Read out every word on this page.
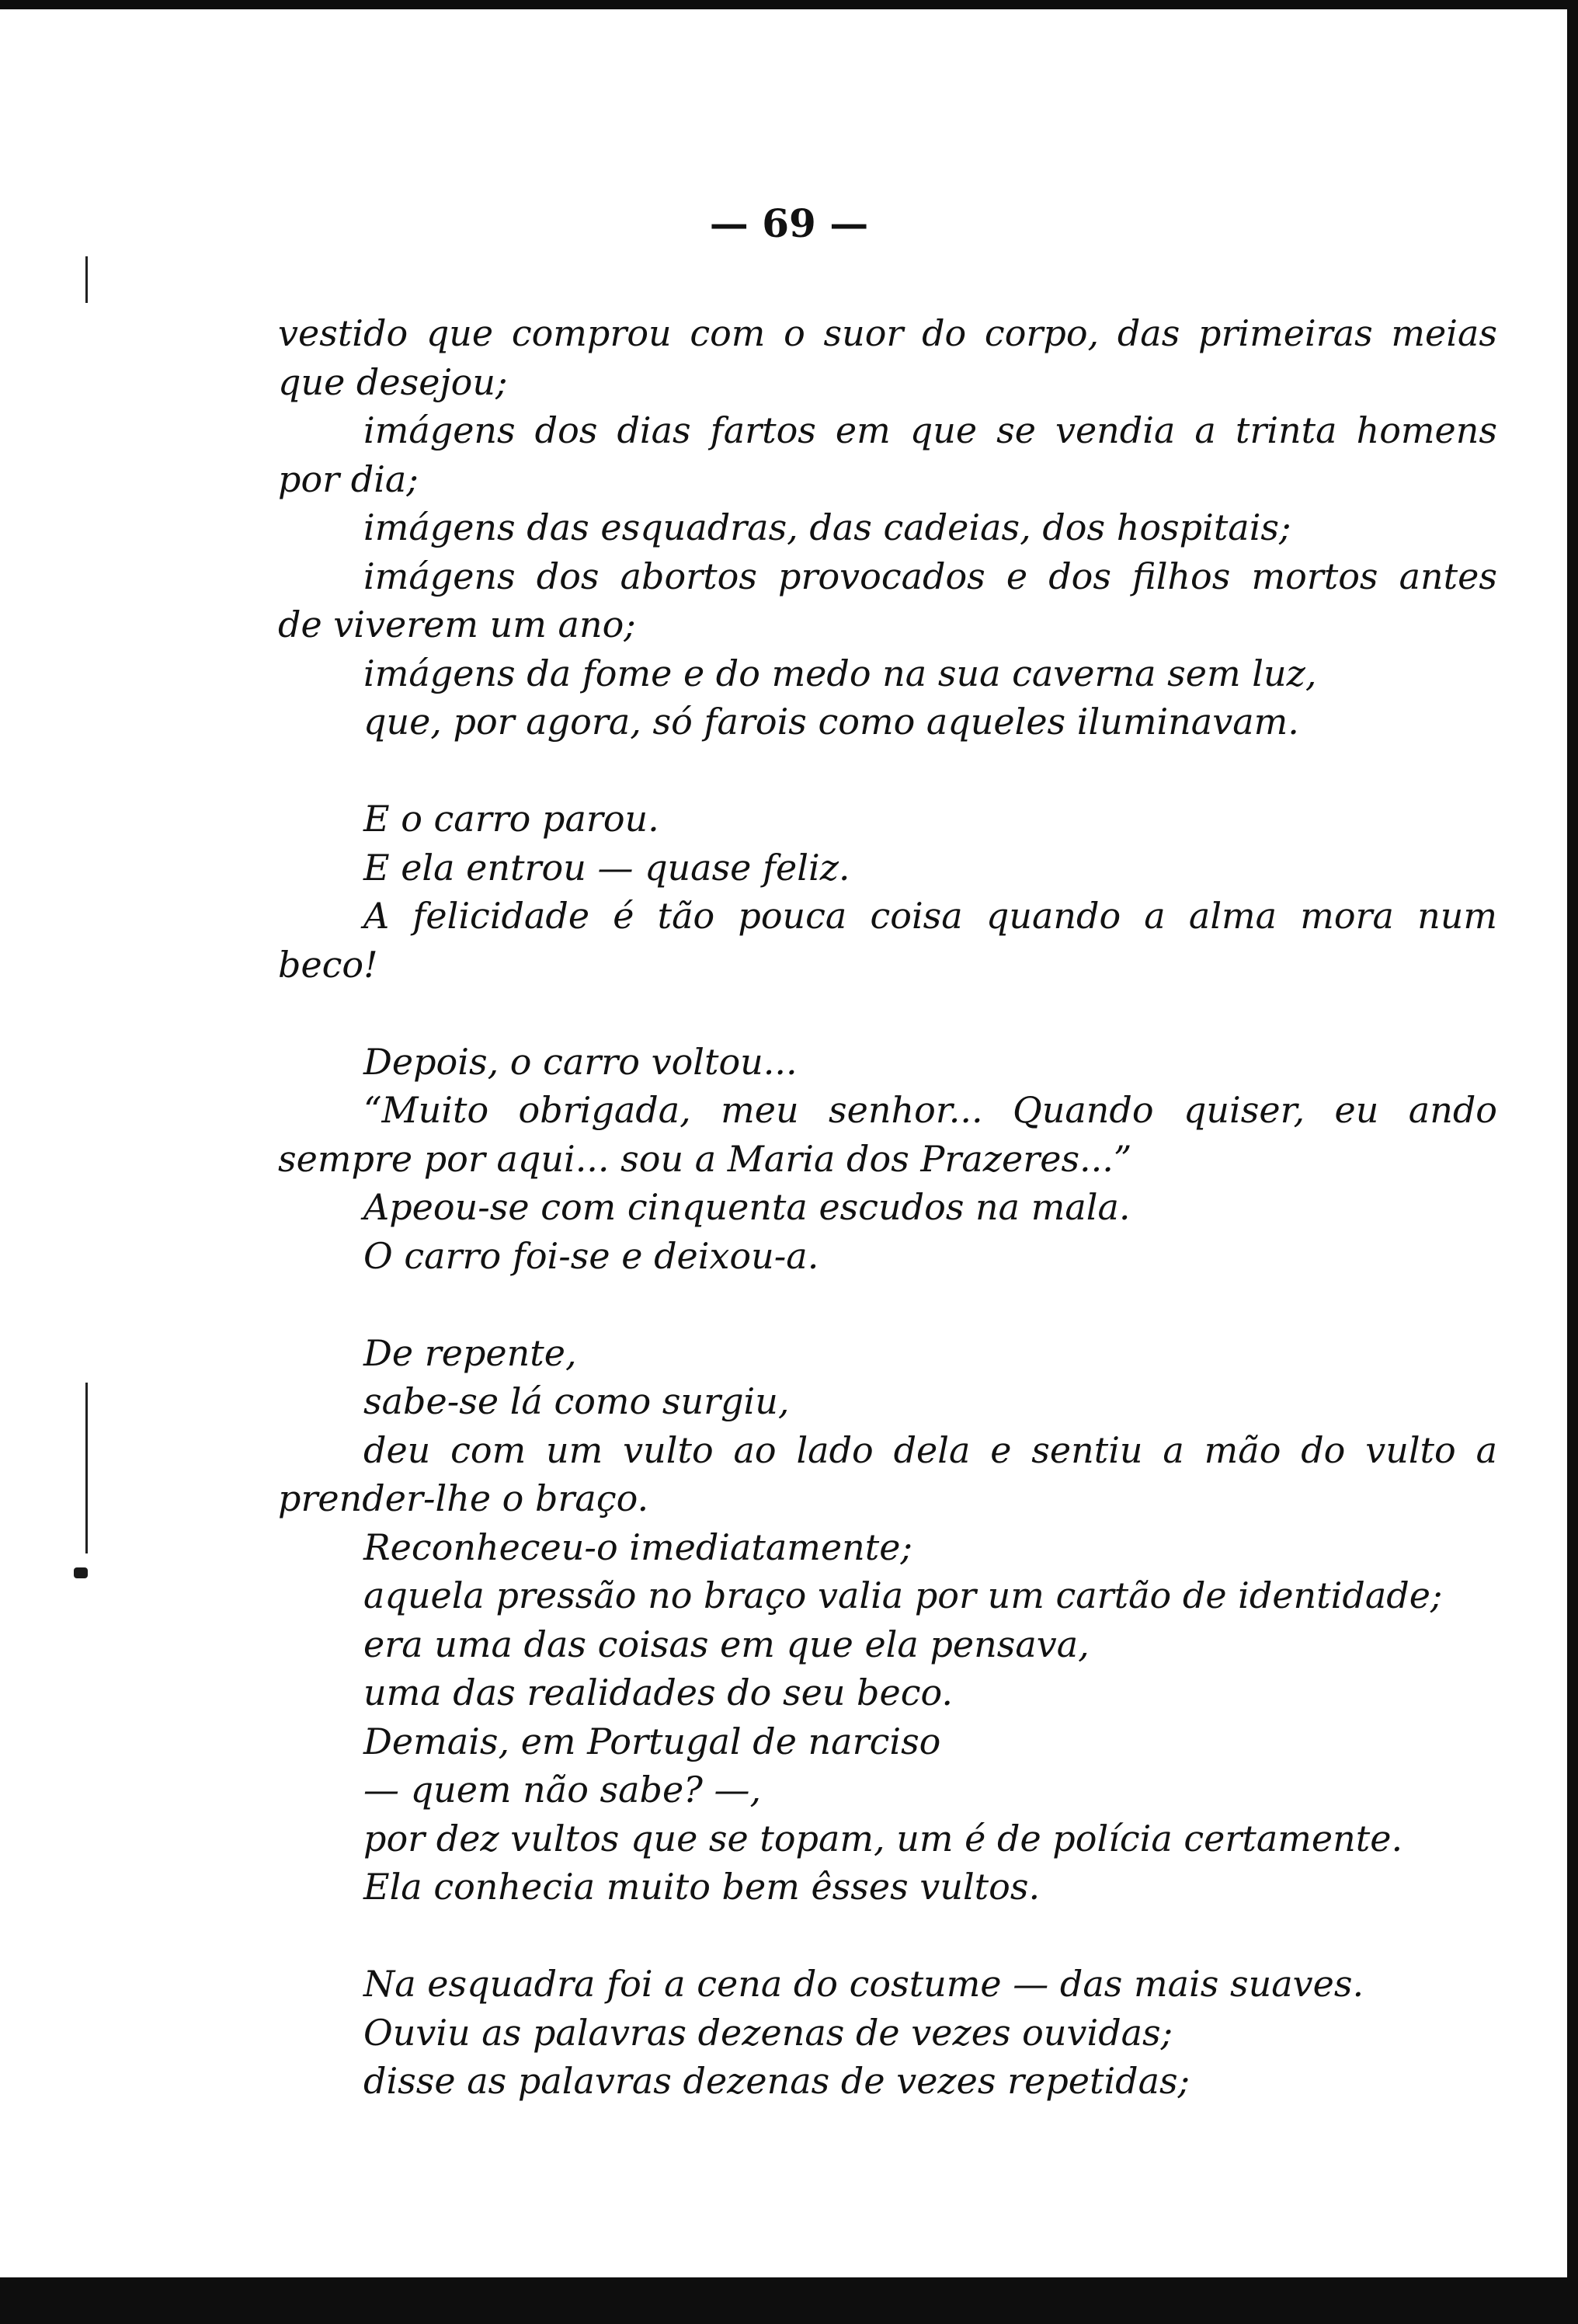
— 69 —

vestido que comprou com o suor do corpo, das primeiras meias

que desejou;

imágens dos dias fartos em que se vendia a trinta homens

por dia;

imágens das esquadras, das cadeias, dos hospitais;

imágens dos abortos provocados e dos filhos mortos antes

de viverem um ano;

imágens da fome e do medo na sua caverna sem luz,

que, por agora, só farois como aqueles iluminavam.

E o carro parou.

E ela entrou — quase feliz.

A felicidade é tão pouca coisa quando a alma mora num

beco!

Depois, o carro voltou...

“Muito obrigada, meu senhor... Quando quiser, eu ando

sempre por aqui... sou a Maria dos Prazeres...”

Apeou-se com cinquenta escudos na mala.

O carro foi-se e deixou-a.

De repente,

sabe-se lá como surgiu,

deu com um vulto ao lado dela e sentiu a mão do vulto a

prender-lhe o braço.

Reconheceu-o imediatamente;

aquela pressão no braço valia por um cartão de identidade;

era uma das coisas em que ela pensava,

uma das realidades do seu beco.

Demais, em Portugal de narciso

— quem não sabe? —,

por dez vultos que se topam, um é de polícia certamente.

Ela conhecia muito bem êsses vultos.

Na esquadra foi a cena do costume — das mais suaves.

Ouviu as palavras dezenas de vezes ouvidas;

disse as palavras dezenas de vezes repetidas;
